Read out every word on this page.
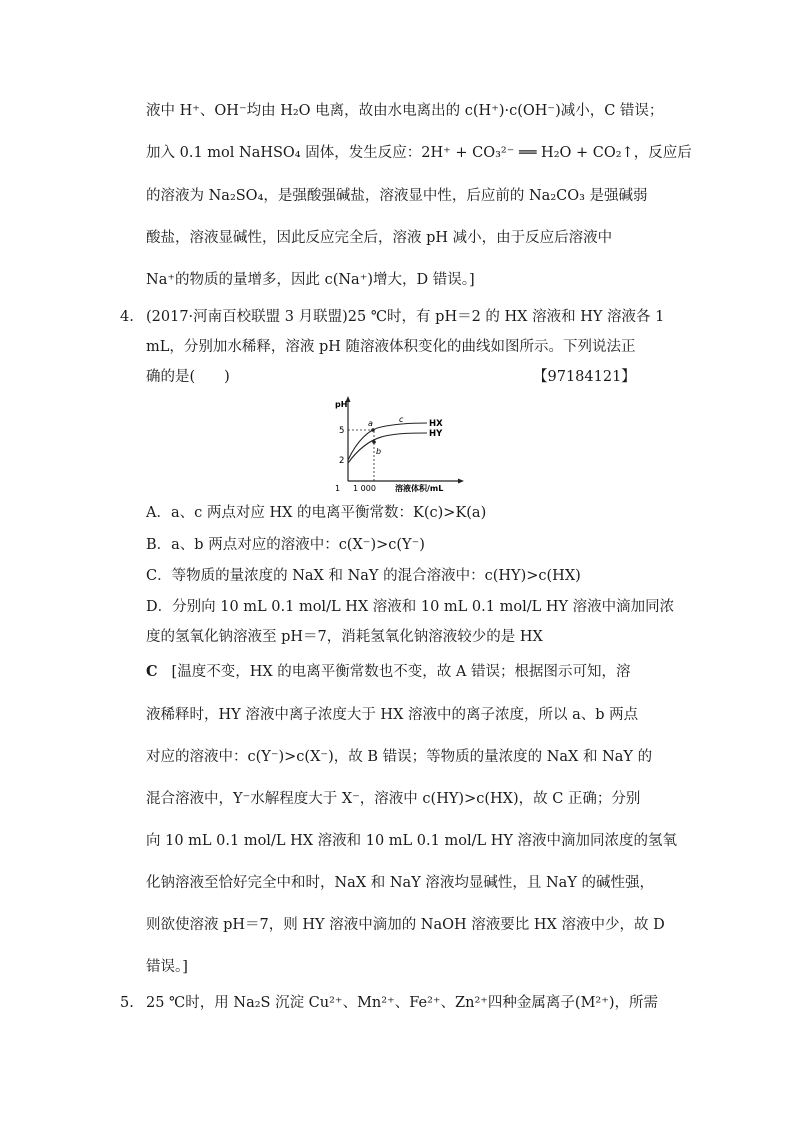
液中 H⁺、OH⁻均由 H₂O 电离，故由水电离出的 c(H⁺)·c(OH⁻)减小，C 错误；
加入 0.1 mol NaHSO₄ 固体，发生反应：2H⁺ + CO₃²⁻ ══ H₂O + CO₂↑，反应后
的溶液为 Na₂SO₄，是强酸强碱盐，溶液显中性，后应前的 Na₂CO₃ 是强碱弱
酸盐，溶液显碱性，因此反应完全后，溶液 pH 减小，由于反应后溶液中
Na⁺的物质的量增多，因此 c(Na⁺)增大，D 错误。]
4. (2017·河南百校联盟 3 月联盟)25 ℃时，有 pH＝2 的 HX 溶液和 HY 溶液各 1
mL，分别加水稀释，溶液 pH 随溶液体积变化的曲线如图所示。下列说法正
确的是(　　)	【97184121】
pH
5
2
a
b
c	HX
HY
1 1 000 溶液体积/mL
A．a、c 两点对应 HX 的电离平衡常数：K(c)>K(a)
B．a、b 两点对应的溶液中：c(X⁻)>c(Y⁻)
C．等物质的量浓度的 NaX 和 NaY 的混合溶液中：c(HY)>c(HX)
D．分别向 10 mL 0.1 mol/L HX 溶液和 10 mL 0.1 mol/L HY 溶液中滴加同浓
度的氢氧化钠溶液至 pH＝7，消耗氢氧化钠溶液较少的是 HX
C [温度不变，HX 的电离平衡常数也不变，故 A 错误；根据图示可知，溶
液稀释时，HY 溶液中离子浓度大于 HX 溶液中的离子浓度，所以 a、b 两点
对应的溶液中：c(Y⁻)>c(X⁻)，故 B 错误；等物质的量浓度的 NaX 和 NaY 的
混合溶液中，Y⁻水解程度大于 X⁻，溶液中 c(HY)>c(HX)，故 C 正确；分别
向 10 mL 0.1 mol/L HX 溶液和 10 mL 0.1 mol/L HY 溶液中滴加同浓度的氢氧
化钠溶液至恰好完全中和时，NaX 和 NaY 溶液均显碱性，且 NaY 的碱性强，
则欲使溶液 pH＝7，则 HY 溶液中滴加的 NaOH 溶液要比 HX 溶液中少，故 D
错误。]
5. 25 ℃时，用 Na₂S 沉淀 Cu²⁺、Mn²⁺、Fe²⁺、Zn²⁺四种金属离子(M²⁺)，所需
